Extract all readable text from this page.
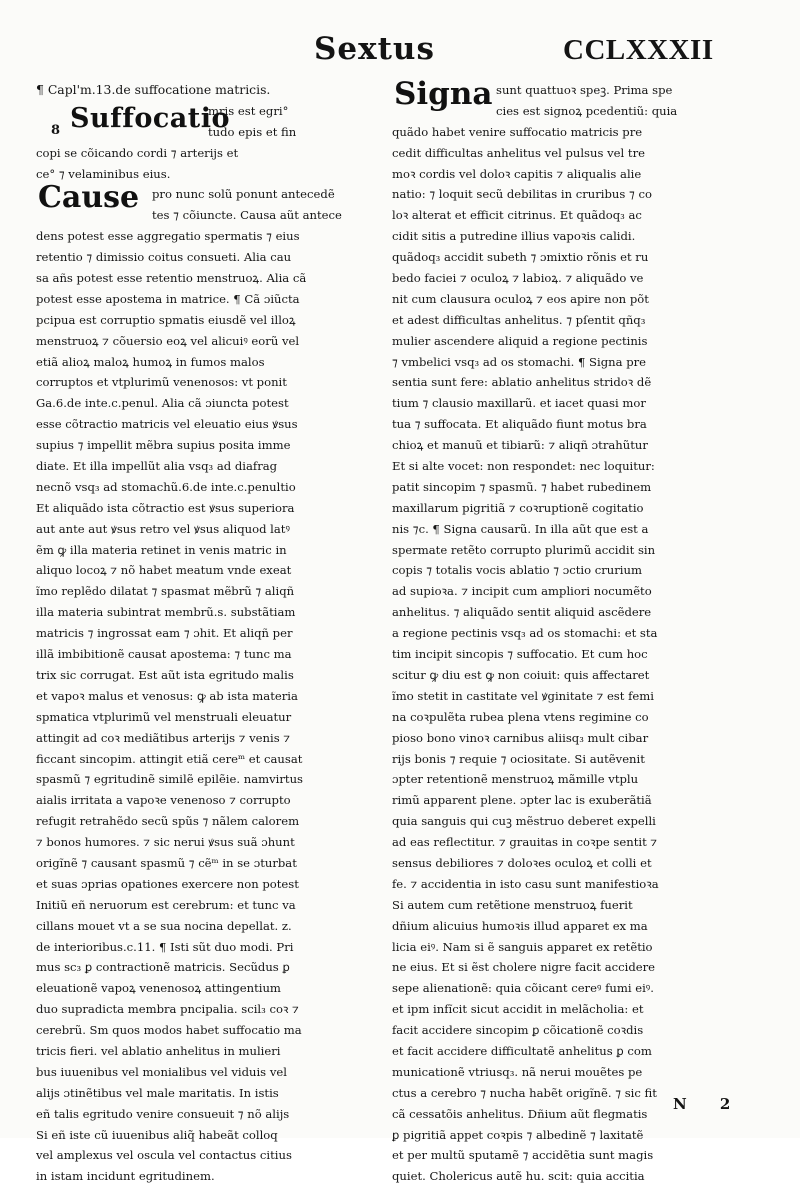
Sextus	CCLXXXII
8 Suffocatio
Cause
Signa
¶ Capl'm.13.de suffocatione matricis.
mris est egri°
tudo epis et fin
copi se cõicando cordi ⁊ arterijs et
ce° ⁊ velaminibus eius.
pro nunc solũ ponunt antecedẽ
tes ⁊ cõiuncte. Causa aũt antece
dens potest esse aggregatio spermatis ⁊ eius
retentio ⁊ dimissio coitus consueti. Alia cau
sa añs potest esse retentio menstruoꝝ. Alia cã
potest esse apostema in matrice. ¶ Cã ɔiũcta
pcipua est corruptio spmatis eiusdẽ vel illoꝝ
menstruoꝝ ⁊ cõuersio eoꝝ vel alicuiꝰ eorũ vel
etiã alioꝝ maloꝝ humoꝝ in fumos malos
corruptos et vtplurimũ venenosos: vt ponit
Ga.6.de inte.c.penul. Alia cã ɔiuncta potest
esse cõtractio matricis vel eleuatio eius ꝟsus
supius ⁊ impellit mẽbra supius posita imme
diate. Et illa impellũt alia vsq₃ ad diafrag
necnõ vsq₃ ad stomachũ.6.de inte.c.penultio
Et aliquãdo ista cõtractio est ꝟsus superiora
aut ante aut ꝟsus retro vel ꝟsus aliquod latꝰ
ẽm ꝙ illa materia retinet in venis matric in
aliquo locoꝝ ⁊ nõ habet meatum vnde exeat
ĩmo replẽdo dilatat ⁊ spasmat mẽbrũ ⁊ aliqñ
illa materia subintrat membrũ.s. substãtiam
matricis ⁊ ingrossat eam ⁊ ɔhit. Et aliqñ per
illã imbibitionẽ causat apostema: ⁊ tunc ma
trix sic corrugat. Est aũt ista egritudo malis
et vapoꝛ malus et venosus: ꝙ ab ista materia
spmatica vtplurimũ vel menstruali eleuatur
attingit ad coꝛ mediãtibus arterijs ⁊ venis ⁊
ficcant sincopim. attingit etiã cereᵐ et causat
spasmũ ⁊ egritudinẽ similẽ epilẽie. namvirtus
aialis irritata a vapoꝛe venenoso ⁊ corrupto
refugit retrahẽdo secũ spũs ⁊ nãlem calorem
⁊ bonos humores. ⁊ sic nerui ꝟsus suã ɔhunt
origĩnẽ ⁊ causant spasmũ ⁊ cẽᵐ in se ɔturbat
et suas ɔprias opationes exercere non potest
Initiũ eñ neruorum est cerebrum: et tunc va
cillans mouet vt a se sua nocina depellat. z.
de interioribus.c.11. ¶ Isti sũt duo modi. Pri
mus sc₃ ꝑ contractionẽ matricis. Secũdus ꝑ
eleuationẽ vapoꝝ venenosoꝝ attingentium
duo supradicta membra pncipalia. scil₃ coꝛ ⁊
cerebrũ. Sm quos modos habet suffocatio ma
tricis fieri. vel ablatio anhelitus in mulieri
bus iuuenibus vel monialibus vel viduis vel
alijs ɔtinẽtibus vel male maritatis. In istis
eñ talis egritudo venire consueuit ⁊ nõ alijs
Si eñ iste cũ iuuenibus aliq̃ habeãt colloq
vel amplexus vel oscula vel contactus citius
in istam incidunt egritudinem.
sunt quattuoꝛ speꝫ. Prima spe
cies est signoꝝ pcedentiũ: quia
quãdo habet venire suffocatio matricis pre
cedit difficultas anhelitus vel pulsus vel tre
moꝛ cordis vel doloꝛ capitis ⁊ aliqualis alie
natio: ⁊ loquit secũ debilitas in cruribus ⁊ co
loꝛ alterat et efficit citrinus. Et quãdoq₃ ac
cidit sitis a putredine illius vapoꝛis calidi.
quãdoq₃ accidit subeth ⁊ ɔmixtio rõnis et ru
bedo faciei ⁊ oculoꝝ ⁊ labioꝝ. ⁊ aliquãdo ve
nit cum clausura oculoꝝ ⁊ eos apire non põt
et adest difficultas anhelitus. ⁊ pſentit qñq₃
mulier ascendere aliquid a regione pectinis
⁊ vmbelici vsq₃ ad os stomachi. ¶ Signa pre
sentia sunt fere: ablatio anhelitus stridoꝛ dẽ
tium ⁊ clausio maxillarũ. et iacet quasi mor
tua ⁊ suffocata. Et aliquãdo fiunt motus bra
chioꝝ et manuũ et tibiarũ: ⁊ aliqñ ɔtrahũtur
Et si alte vocet: non respondet: nec loquitur:
patit sincopim ⁊ spasmũ. ⁊ habet rubedinem
maxillarum pigritiã ⁊ coꝛruptionẽ cogitatio
nis ⁊c. ¶ Signa causarũ. In illa aũt que est a
spermate retẽto corrupto plurimũ accidit sin
copis ⁊ totalis vocis ablatio ⁊ ɔctio crurium
ad supioꝛa. ⁊ incipit cum ampliori nocumẽto
anhelitus. ⁊ aliquãdo sentit aliquid ascẽdere
a regione pectinis vsq₃ ad os stomachi: et sta
tim incipit sincopis ⁊ suffocatio. Et cum hoc
scitur ꝙ diu est ꝙ non coiuit: quis affectaret
ĩmo stetit in castitate vel ꝟginitate ⁊ est femi
na coꝛpulẽta rubea plena vtens regimine co
pioso bono vinoꝛ carnibus aliisq₃ mult cibar
rijs bonis ⁊ requie ⁊ ociositate. Si autẽvenit
ɔpter retentionẽ menstruoꝝ mãmille vtplu
rimũ apparent plene. ɔpter lac is exuberãtiã
quia sanguis qui cuꝫ mẽstruo deberet expelli
ad eas reflectitur. ⁊ grauitas in coꝛpe sentit ⁊
sensus debiliores ⁊ doloꝛes oculoꝝ et colli et
fe. ⁊ accidentia in isto casu sunt manifestioꝛa
Si autem cum retẽtione menstruoꝝ fuerit
dñium alicuius humoꝛis illud apparet ex ma
licia eiꝰ. Nam si ẽ sanguis apparet ex retẽtio
ne eius. Et si ẽst cholere nigre facit accidere
sepe alienationẽ: quia cõicant cereꝰ fumi eiꝰ.
et ipm infĩcit sicut accidit in melãcholia: et
facit accidere sincopim ꝑ cõicationẽ coꝛdis
et facit accidere difficultatẽ anhelitus ꝑ com
municationẽ vtriusq₃. nã nerui mouẽtes pe
ctus a cerebro ⁊ nucha habẽt origĩnẽ. ⁊ sic fit
cã cessatõis anhelitus. Dñium aũt flegmatis
ꝑ pigritiã appet coꝛpis ⁊ albedinẽ ⁊ laxitatẽ
et per multũ sputamẽ ⁊ accidẽtia sunt magis
quiet. Cholericus autẽ hu. scit: quia accitia
N 2
